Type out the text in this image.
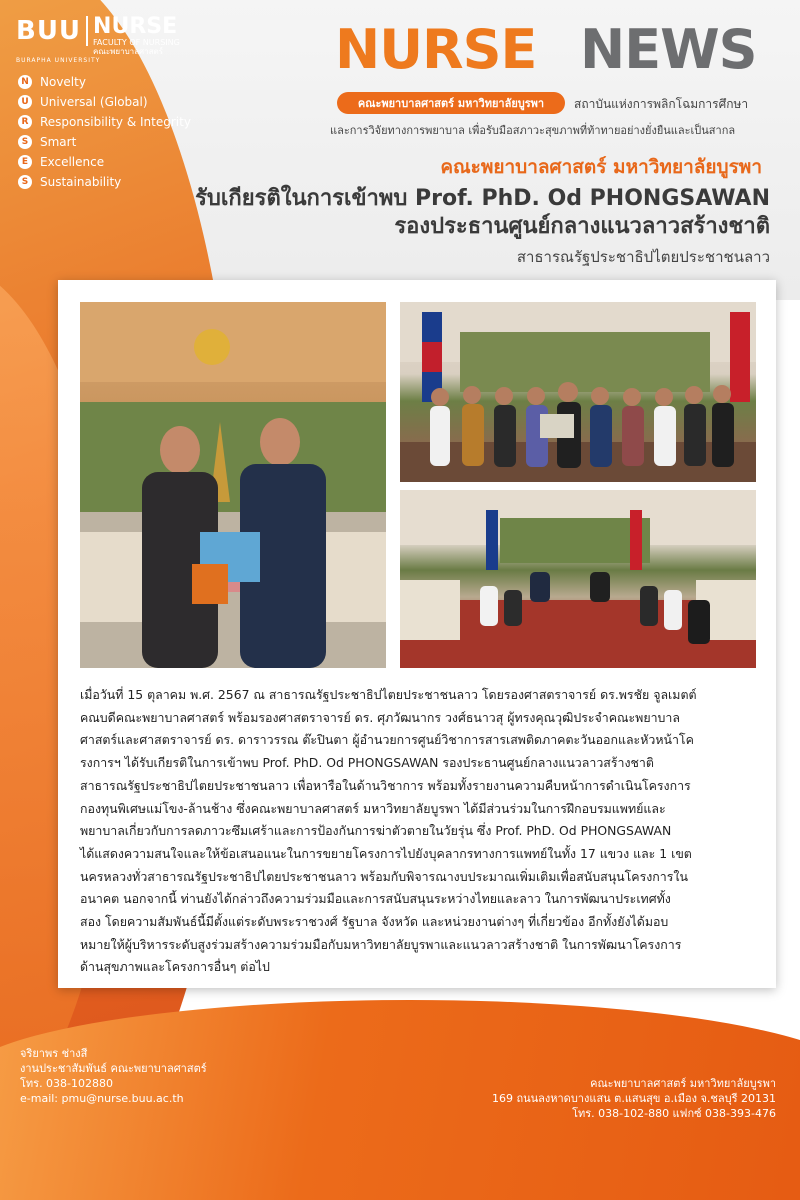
BUU NURSE
FACULTY OF NURSING
คณะพยาบาลศาสตร์
BURAPHA UNIVERSITY
N Novelty
U Universal (Global)
R Responsibility & Integrity
S Smart
E Excellence
S Sustainability
NURSE NEWS
คณะพยาบาลศาสตร์ มหาวิทยาลัยบูรพา	สถาบันแห่งการพลิกโฉมการศึกษา
และการวิจัยทางการพยาบาล เพื่อรับมือสภาวะสุขภาพที่ท้าทายอย่างยั่งยืนและเป็นสากล
คณะพยาบาลศาสตร์ มหาวิทยาลัยบูรพา
รับเกียรติในการเข้าพบ Prof. PhD. Od PHONGSAWAN
รองประธานศูนย์กลางแนวลาวสร้างชาติ
สาธารณรัฐประชาธิปไตยประชาชนลาว
เมื่อวันที่ 15 ตุลาคม พ.ศ. 2567 ณ สาธารณรัฐประชาธิปไตยประชาชนลาว โดยรองศาสตราจารย์ ดร.พรชัย จูลเมตต์
คณบดีคณะพยาบาลศาสตร์ พร้อมรองศาสตราจารย์ ดร. ศุภวัฒนากร วงศ์ธนาวสุ ผู้ทรงคุณวุฒิประจำคณะพยาบาล
ศาสตร์และศาสตราจารย์ ดร. ดาราวรรณ ต๊ะปินตา ผู้อำนวยการศูนย์วิชาการสารเสพติดภาคตะวันออกและหัวหน้าโค
รงการฯ ได้รับเกียรติในการเข้าพบ Prof. PhD. Od PHONGSAWAN รองประธานศูนย์กลางแนวลาวสร้างชาติ
สาธารณรัฐประชาธิปไตยประชาชนลาว เพื่อหารือในด้านวิชาการ พร้อมทั้งรายงานความคืบหน้าการดำเนินโครงการ
กองทุนพิเศษแม่โขง-ล้านช้าง ซึ่งคณะพยาบาลศาสตร์ มหาวิทยาลัยบูรพา ได้มีส่วนร่วมในการฝึกอบรมแพทย์และ
พยาบาลเกี่ยวกับการลดภาวะซึมเศร้าและการป้องกันการฆ่าตัวตายในวัยรุ่น ซึ่ง Prof. PhD. Od PHONGSAWAN
ได้แสดงความสนใจและให้ข้อเสนอแนะในการขยายโครงการไปยังบุคลากรทางการแพทย์ในทั้ง 17 แขวง และ 1 เขต
นครหลวงทั่วสาธารณรัฐประชาธิปไตยประชาชนลาว พร้อมกับพิจารณางบประมาณเพิ่มเติมเพื่อสนับสนุนโครงการใน
อนาคต นอกจากนี้ ท่านยังได้กล่าวถึงความร่วมมือและการสนับสนุนระหว่างไทยและลาว ในการพัฒนาประเทศทั้ง
สอง โดยความสัมพันธ์นี้มีตั้งแต่ระดับพระราชวงศ์ รัฐบาล จังหวัด และหน่วยงานต่างๆ ที่เกี่ยวข้อง อีกทั้งยังได้มอบ
หมายให้ผู้บริหารระดับสูงร่วมสร้างความร่วมมือกับมหาวิทยาลัยบูรพาและแนวลาวสร้างชาติ ในการพัฒนาโครงการ
ด้านสุขภาพและโครงการอื่นๆ ต่อไป
จริยาพร ช่างสี
งานประชาสัมพันธ์ คณะพยาบาลศาสตร์
โทร. 038-102880
e-mail: pmu@nurse.buu.ac.th
คณะพยาบาลศาสตร์ มหาวิทยาลัยบูรพา
169 ถนนลงหาดบางแสน ต.แสนสุข อ.เมือง จ.ชลบุรี 20131
โทร. 038-102-880 แฟกซ์ 038-393-476
